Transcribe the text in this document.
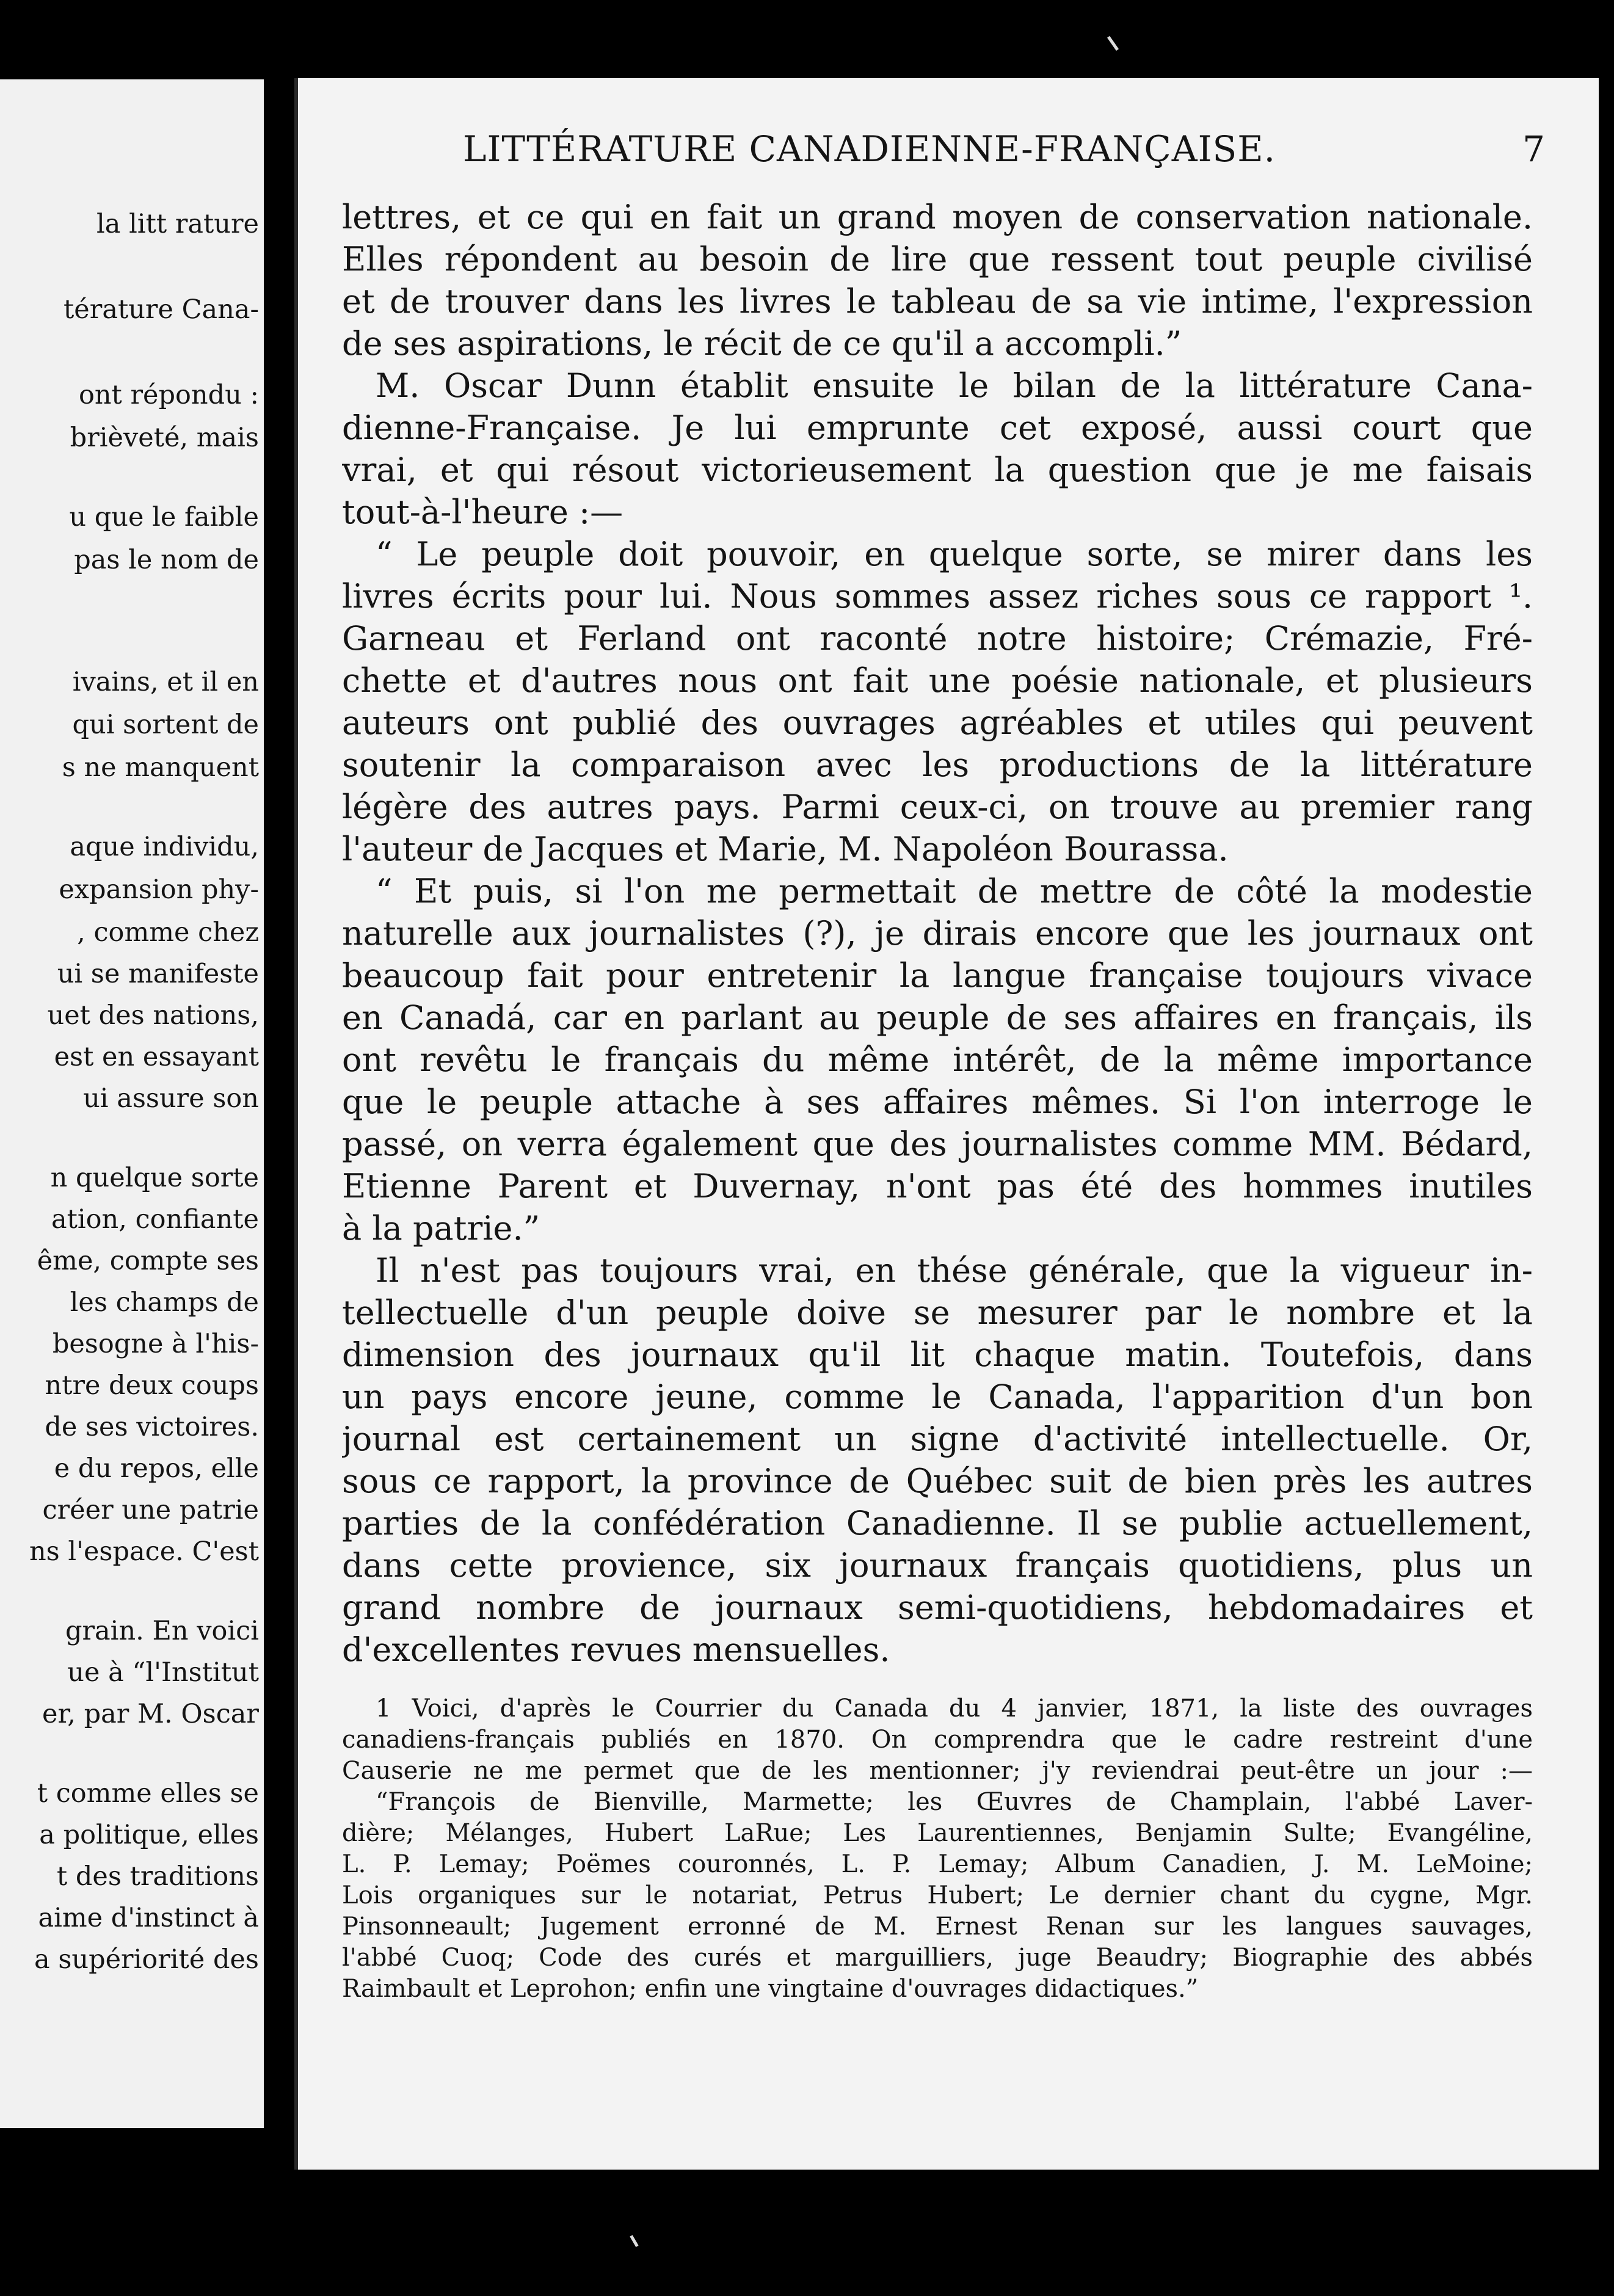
la litt rature
térature Cana-
ont répondu :
brièveté, mais
u que le faible
pas le nom de
ivains, et il en
qui sortent de
s ne manquent
aque individu,
expansion phy-
, comme chez
ui se manifeste
uet des nations,
est en essayant
ui assure son
n quelque sorte
ation, confiante
ême, compte ses
les champs de
besogne à l'his-
ntre deux coups
de ses victoires.
e du repos, elle
créer une patrie
ns l'espace. C'est
grain. En voici
ue à “l'Institut
er, par M. Oscar
t comme elles se
a politique, elles
t des traditions
aime d'instinct à
a supériorité des
LITTÉRATURE CANADIENNE-FRANÇAISE.	7
lettres, et ce qui en fait un grand moyen de conservation nationale.
Elles répondent au besoin de lire que ressent tout peuple civilisé
et de trouver dans les livres le tableau de sa vie intime, l'expression
de ses aspirations, le récit de ce qu'il a accompli.”
M. Oscar Dunn établit ensuite le bilan de la littérature Cana-
dienne-Française. Je lui emprunte cet exposé, aussi court que
vrai, et qui résout victorieusement la question que je me faisais
tout-à-l'heure :—
“ Le peuple doit pouvoir, en quelque sorte, se mirer dans les
livres écrits pour lui. Nous sommes assez riches sous ce rapport ¹.
Garneau et Ferland ont raconté notre histoire; Crémazie, Fré-
chette et d'autres nous ont fait une poésie nationale, et plusieurs
auteurs ont publié des ouvrages agréables et utiles qui peuvent
soutenir la comparaison avec les productions de la littérature
légère des autres pays. Parmi ceux-ci, on trouve au premier rang
l'auteur de Jacques et Marie, M. Napoléon Bourassa.
“ Et puis, si l'on me permettait de mettre de côté la modestie
naturelle aux journalistes (?), je dirais encore que les journaux ont
beaucoup fait pour entretenir la langue française toujours vivace
en Canadá, car en parlant au peuple de ses affaires en français, ils
ont revêtu le français du même intérêt, de la même importance
que le peuple attache à ses affaires mêmes. Si l'on interroge le
passé, on verra également que des journalistes comme MM. Bédard,
Etienne Parent et Duvernay, n'ont pas été des hommes inutiles
à la patrie.”
Il n'est pas toujours vrai, en thése générale, que la vigueur in-
tellectuelle d'un peuple doive se mesurer par le nombre et la
dimension des journaux qu'il lit chaque matin. Toutefois, dans
un pays encore jeune, comme le Canada, l'apparition d'un bon
journal est certainement un signe d'activité intellectuelle. Or,
sous ce rapport, la province de Québec suit de bien près les autres
parties de la confédération Canadienne. Il se publie actuellement,
dans cette provience, six journaux français quotidiens, plus un
grand nombre de journaux semi-quotidiens, hebdomadaires et
d'excellentes revues mensuelles.
1 Voici, d'après le Courrier du Canada du 4 janvier, 1871, la liste des ouvrages
canadiens-français publiés en 1870. On comprendra que le cadre restreint d'une
Causerie ne me permet que de les mentionner; j'y reviendrai peut-être un jour :—
“François de Bienville, Marmette; les Œuvres de Champlain, l'abbé Laver-
dière; Mélanges, Hubert LaRue; Les Laurentiennes, Benjamin Sulte; Evangéline,
L. P. Lemay; Poëmes couronnés, L. P. Lemay; Album Canadien, J. M. LeMoine;
Lois organiques sur le notariat, Petrus Hubert; Le dernier chant du cygne, Mgr.
Pinsonneault; Jugement erronné de M. Ernest Renan sur les langues sauvages,
l'abbé Cuoq; Code des curés et marguilliers, juge Beaudry; Biographie des abbés
Raimbault et Leprohon; enfin une vingtaine d'ouvrages didactiques.”
